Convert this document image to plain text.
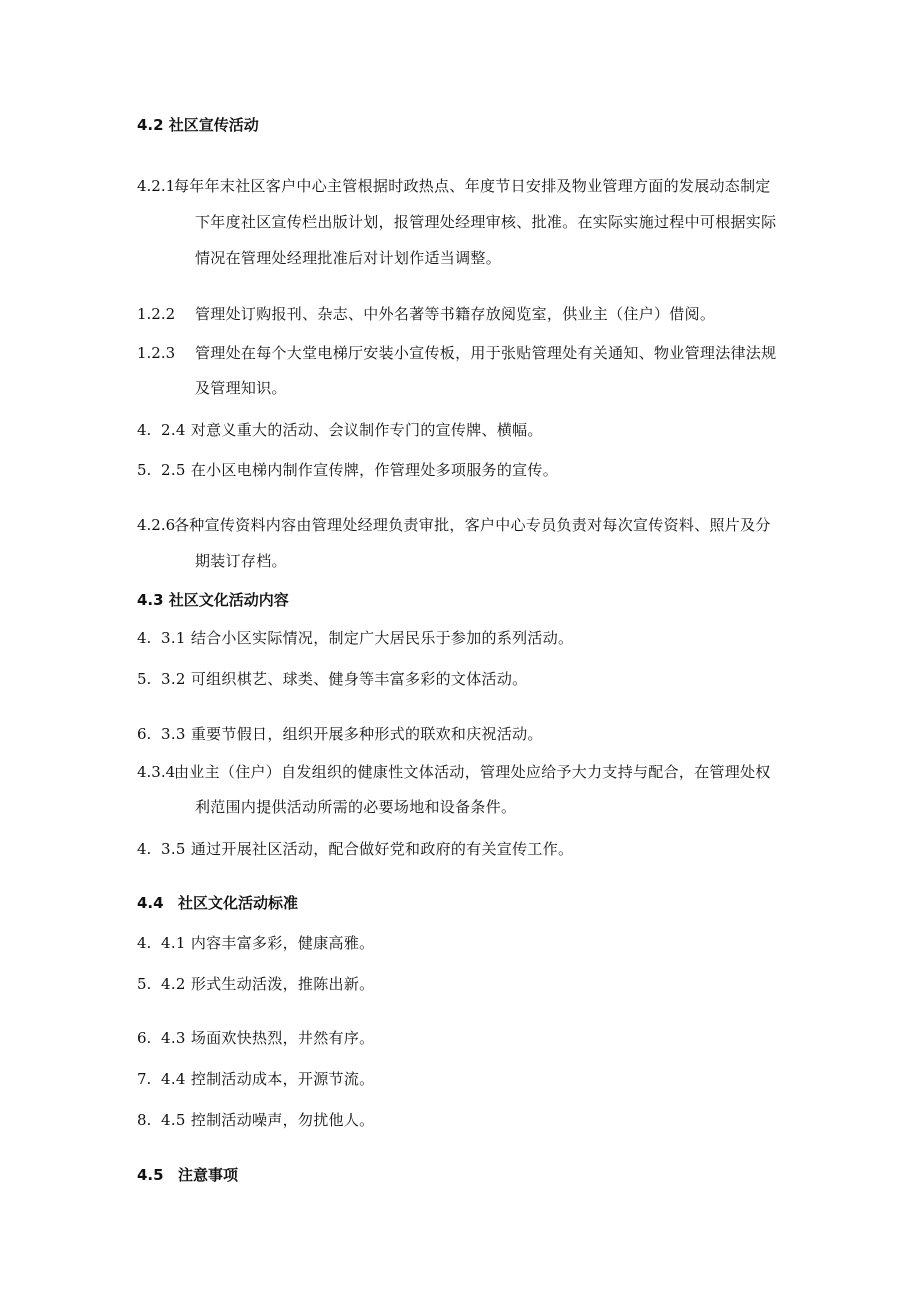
4.2 社区宣传活动
4.2.1
每年年末社区客户中心主管根据时政热点、年度节日安排及物业管理方面的发展动态制定
下年度社区宣传栏出版计划，报管理处经理审核、批准。在实际实施过程中可根据实际
情况在管理处经理批准后对计划作适当调整。
1.2.2 管理处订购报刊、杂志、中外名著等书籍存放阅览室，供业主（住户）借阅。
1.2.3 管理处在每个大堂电梯厅安装小宣传板，用于张贴管理处有关通知、物业管理法律法规
及管理知识。
4. 2.4 对意义重大的活动、会议制作专门的宣传牌、横幅。
5. 2.5 在小区电梯内制作宣传牌，作管理处多项服务的宣传。
4.2.6
各种宣传资料内容由管理处经理负责审批，客户中心专员负责对每次宣传资料、照片及分
期装订存档。
4.3 社区文化活动内容
4. 3.1 结合小区实际情况，制定广大居民乐于参加的系列活动。
5. 3.2 可组织棋艺、球类、健身等丰富多彩的文体活动。
6. 3.3 重要节假日，组织开展多种形式的联欢和庆祝活动。
4.3.4
由业主（住户）自发组织的健康性文体活动，管理处应给予大力支持与配合，在管理处权
利范围内提供活动所需的必要场地和设备条件。
4. 3.5 通过开展社区活动，配合做好党和政府的有关宣传工作。
4.4 社区文化活动标准
4. 4.1 内容丰富多彩，健康高雅。
5. 4.2 形式生动活泼，推陈出新。
6. 4.3 场面欢快热烈，井然有序。
7. 4.4 控制活动成本，开源节流。
8. 4.5 控制活动噪声，勿扰他人。
4.5 注意事项
